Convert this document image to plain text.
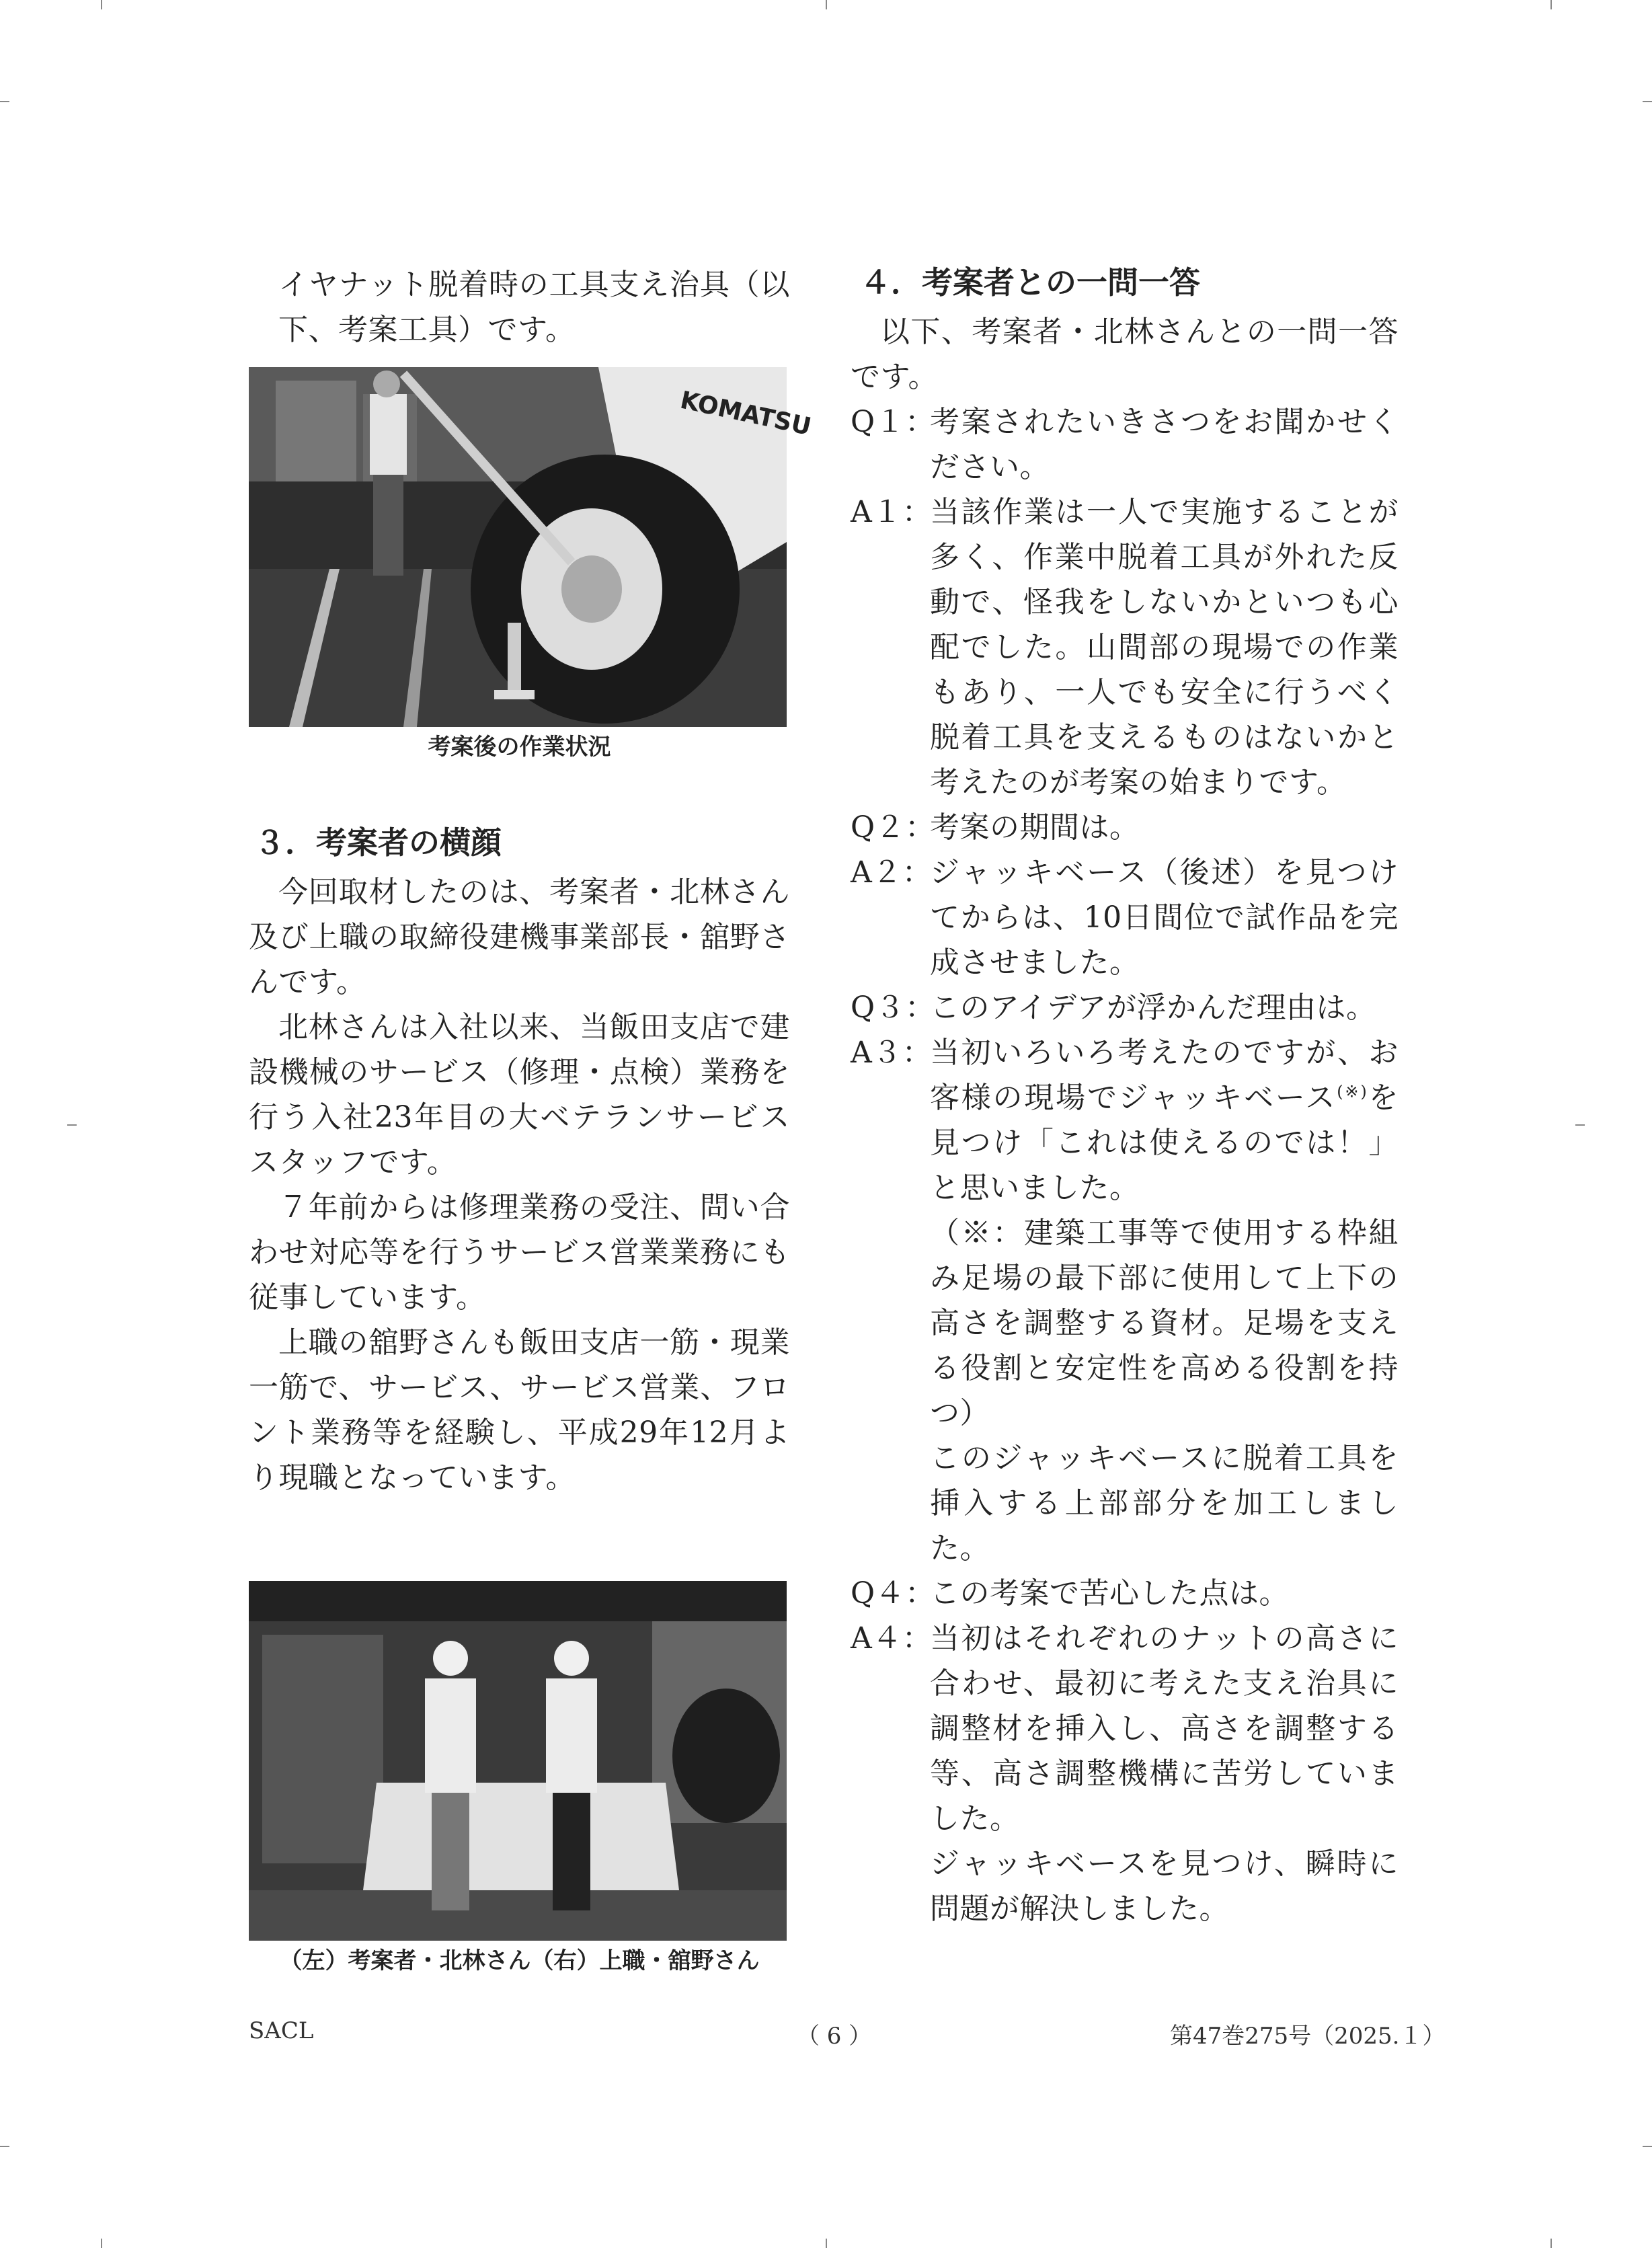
イヤナット脱着時の工具支え治具（以下、考案工具）です。

KOMATSU
考案後の作業状況
３．考案者の横顔

今回取材したのは、考案者・北林さん及び上職の取締役建機事業部長・舘野さんです。

北林さんは入社以来、当飯田支店で建設機械のサービス（修理・点検）業務を行う入社23年目の大ベテランサービススタッフです。

７年前からは修理業務の受注、問い合わせ対応等を行うサービス営業業務にも従事しています。

上職の舘野さんも飯田支店一筋・現業一筋で、サービス、サービス営業、フロント業務等を経験し、平成29年12月より現職となっています。

（左）考案者・北林さん（右）上職・舘野さん
４．考案者との一問一答

以下、考案者・北林さんとの一問一答です。

Q１：
考案されたいきさつをお聞かせください。
A１：
当該作業は一人で実施することが多く、作業中脱着工具が外れた反動で、怪我をしないかといつも心配でした。山間部の現場での作業もあり、一人でも安全に行うべく脱着工具を支えるものはないかと考えたのが考案の始まりです。
Q２：
考案の期間は。
A２：
ジャッキベース（後述）を見つけてからは、10日間位で試作品を完成させました。
Q３：
このアイデアが浮かんだ理由は。
A３：
当初いろいろ考えたのですが、お客様の現場でジャッキベース(※)を見つけ「これは使えるのでは！」と思いました。
（※：建築工事等で使用する枠組み足場の最下部に使用して上下の高さを調整する資材。足場を支える役割と安定性を高める役割を持つ）
このジャッキベースに脱着工具を挿入する上部部分を加工しました。
Q４：
この考案で苦心した点は。
A４：
当初はそれぞれのナットの高さに合わせ、最初に考えた支え治具に調整材を挿入し、高さを調整する等、高さ調整機構に苦労していました。
ジャッキベースを見つけ、瞬時に問題が解決しました。
SACL	（ 6 ）	第47巻275号（2025.１）
